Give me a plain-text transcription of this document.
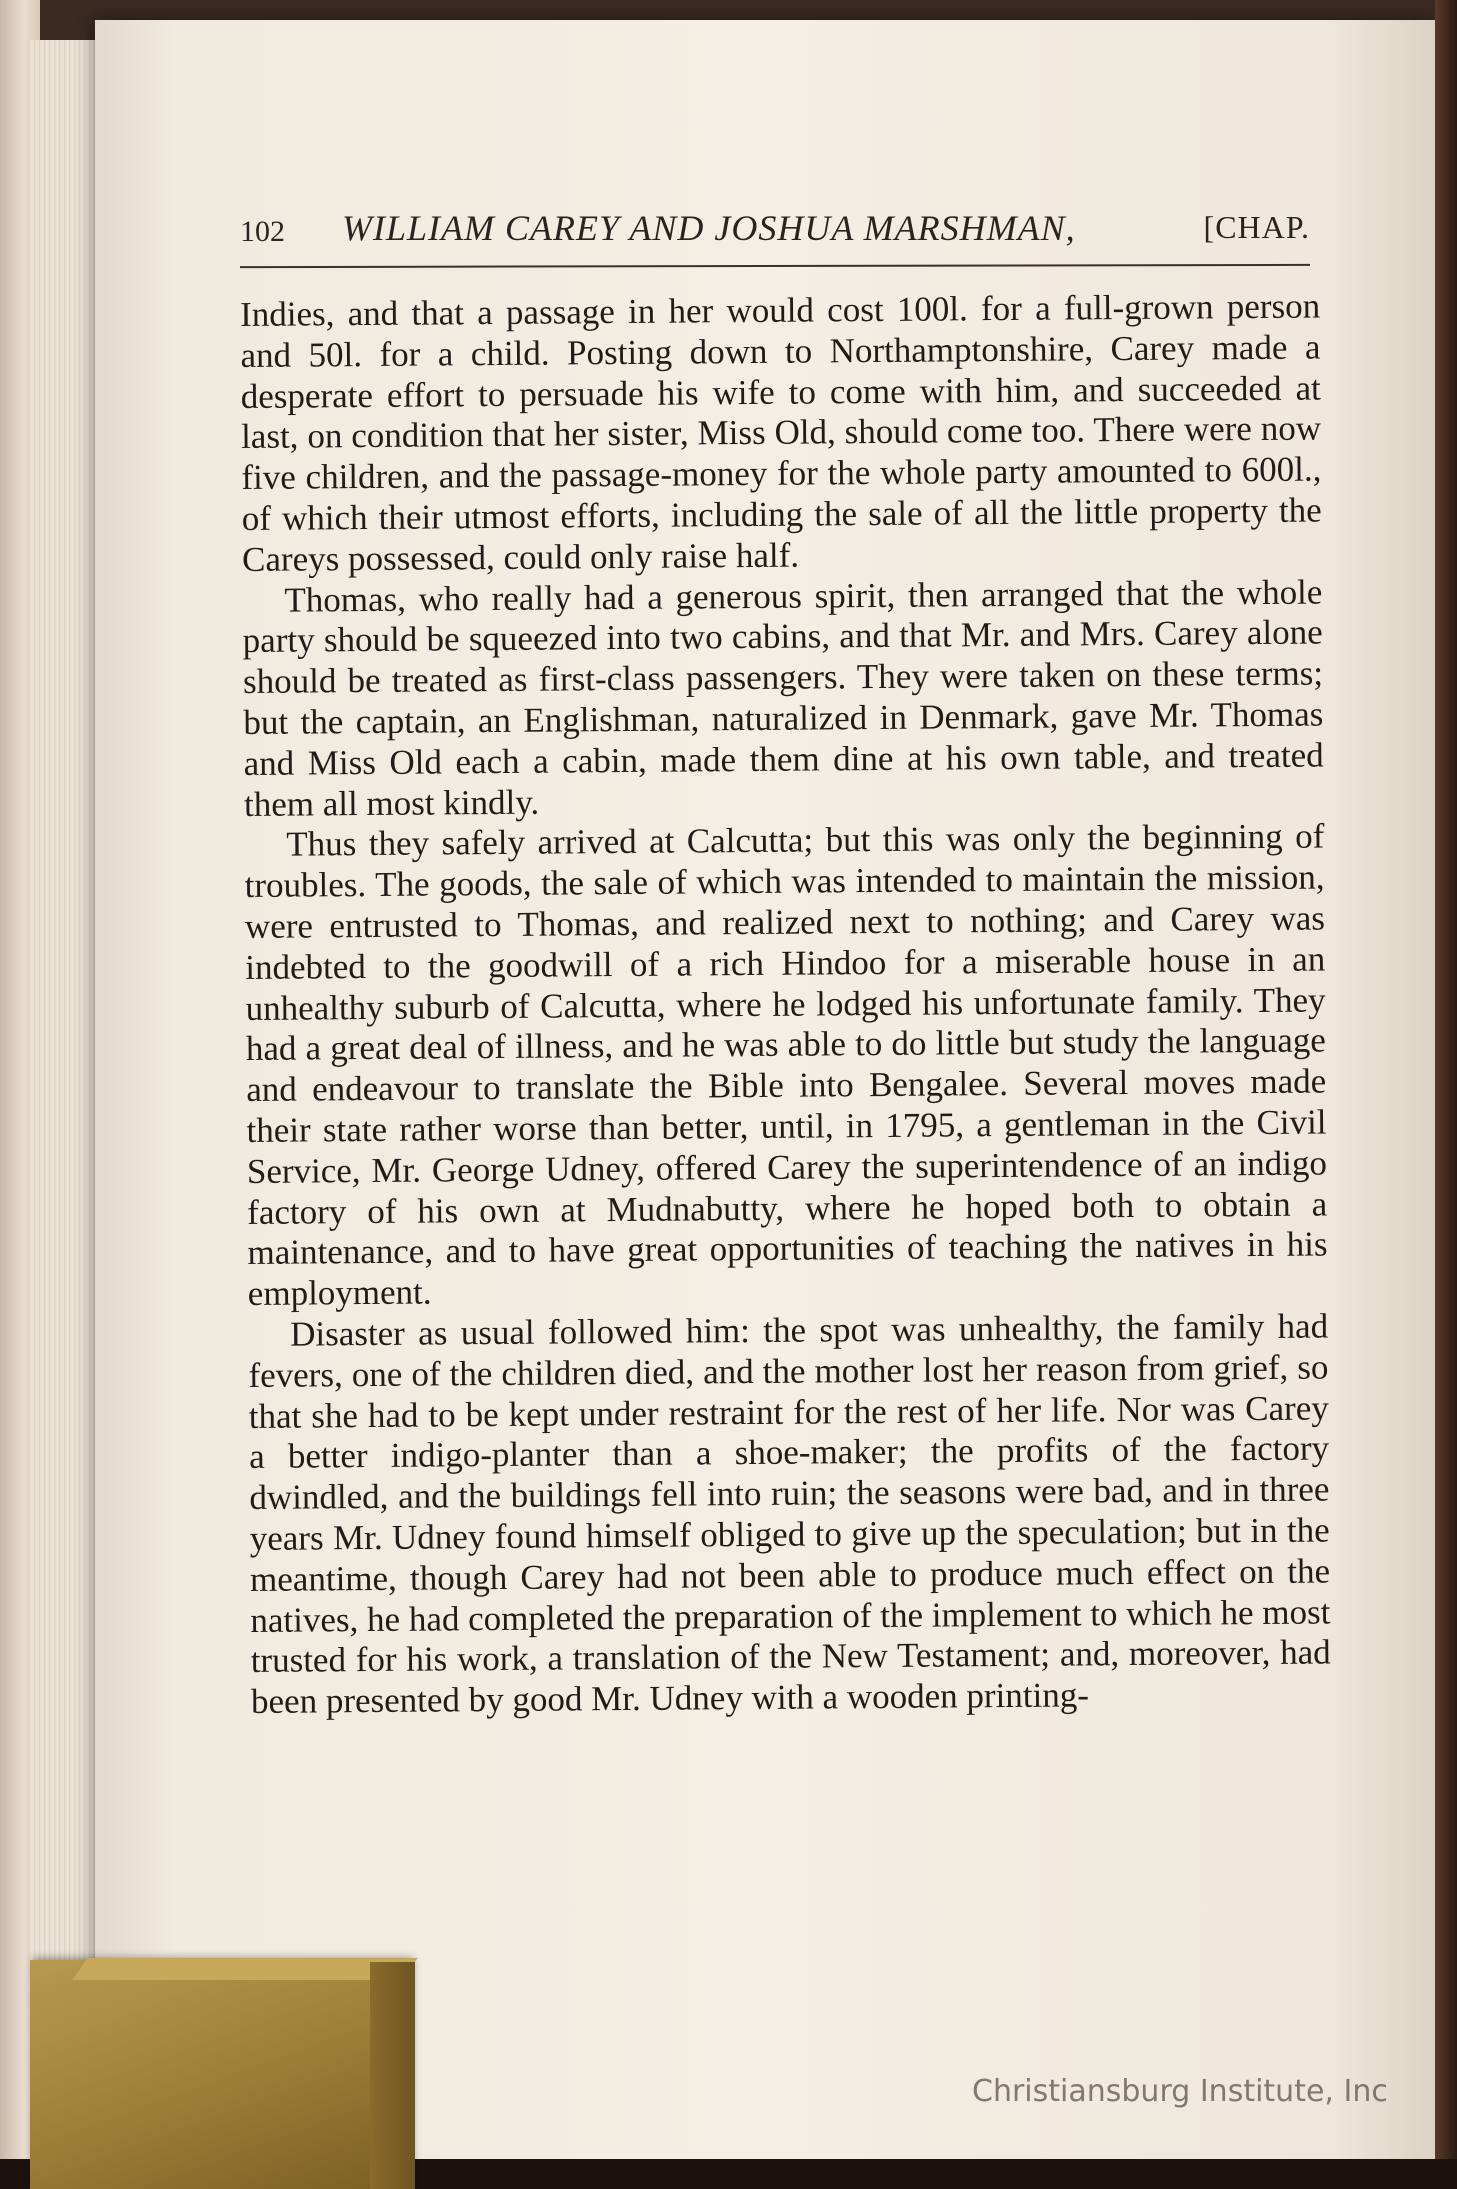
102 WILLIAM CAREY AND JOSHUA MARSHMAN,	[CHAP.

Indies, and that a passage in her would cost 100l. for a full-grown person and 50l. for a child. Posting down to Northamptonshire, Carey made a desperate effort to persuade his wife to come with him, and succeeded at last, on condition that her sister, Miss Old, should come too. There were now five children, and the passage-money for the whole party amounted to 600l., of which their utmost efforts, including the sale of all the little property the Careys possessed, could only raise half.

Thomas, who really had a generous spirit, then arranged that the whole party should be squeezed into two cabins, and that Mr. and Mrs. Carey alone should be treated as first-class passengers. They were taken on these terms; but the captain, an Englishman, naturalized in Denmark, gave Mr. Thomas and Miss Old each a cabin, made them dine at his own table, and treated them all most kindly.

Thus they safely arrived at Calcutta; but this was only the beginning of troubles. The goods, the sale of which was intended to maintain the mission, were entrusted to Thomas, and realized next to nothing; and Carey was indebted to the goodwill of a rich Hindoo for a miserable house in an unhealthy suburb of Calcutta, where he lodged his unfortunate family. They had a great deal of illness, and he was able to do little but study the language and endeavour to translate the Bible into Bengalee. Several moves made their state rather worse than better, until, in 1795, a gentleman in the Civil Service, Mr. George Udney, offered Carey the superintendence of an indigo factory of his own at Mudnabutty, where he hoped both to obtain a maintenance, and to have great opportunities of teaching the natives in his employment.

Disaster as usual followed him: the spot was unhealthy, the family had fevers, one of the children died, and the mother lost her reason from grief, so that she had to be kept under restraint for the rest of her life. Nor was Carey a better indigo-planter than a shoe-maker; the profits of the factory dwindled, and the buildings fell into ruin; the seasons were bad, and in three years Mr. Udney found himself obliged to give up the speculation; but in the meantime, though Carey had not been able to produce much effect on the natives, he had completed the preparation of the implement to which he most trusted for his work, a translation of the New Testament; and, moreover, had been presented by good Mr. Udney with a wooden printing-

Christiansburg Institute, Inc
